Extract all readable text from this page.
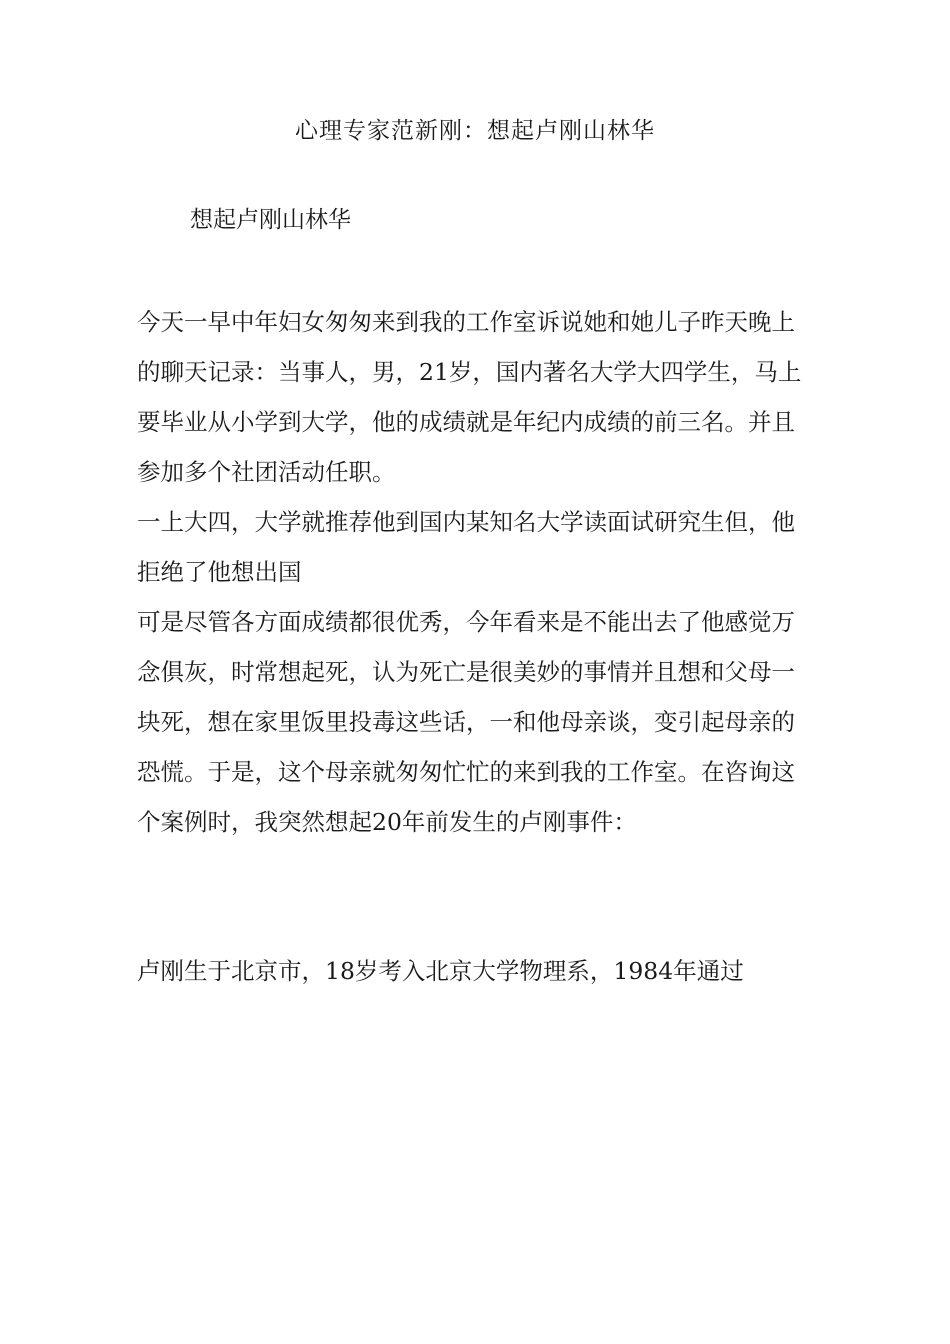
心理专家范新刚：想起卢刚山林华
想起卢刚山林华

今天一早中年妇女匆匆来到我的工作室诉说她和她儿子昨天晚上的聊天记录：当事人，男，21岁，国内著名大学大四学生，马上要毕业从小学到大学，他的成绩就是年纪内成绩的前三名。并且参加多个社团活动任职。

一上大四，大学就推荐他到国内某知名大学读面试研究生但，他拒绝了他想出国

可是尽管各方面成绩都很优秀，今年看来是不能出去了他感觉万念俱灰，时常想起死，认为死亡是很美妙的事情并且想和父母一块死，想在家里饭里投毒这些话，一和他母亲谈，变引起母亲的恐慌。于是，这个母亲就匆匆忙忙的来到我的工作室。在咨询这个案例时，我突然想起20年前发生的卢刚事件：

卢刚生于北京市，18岁考入北京大学物理系，1984年通过
